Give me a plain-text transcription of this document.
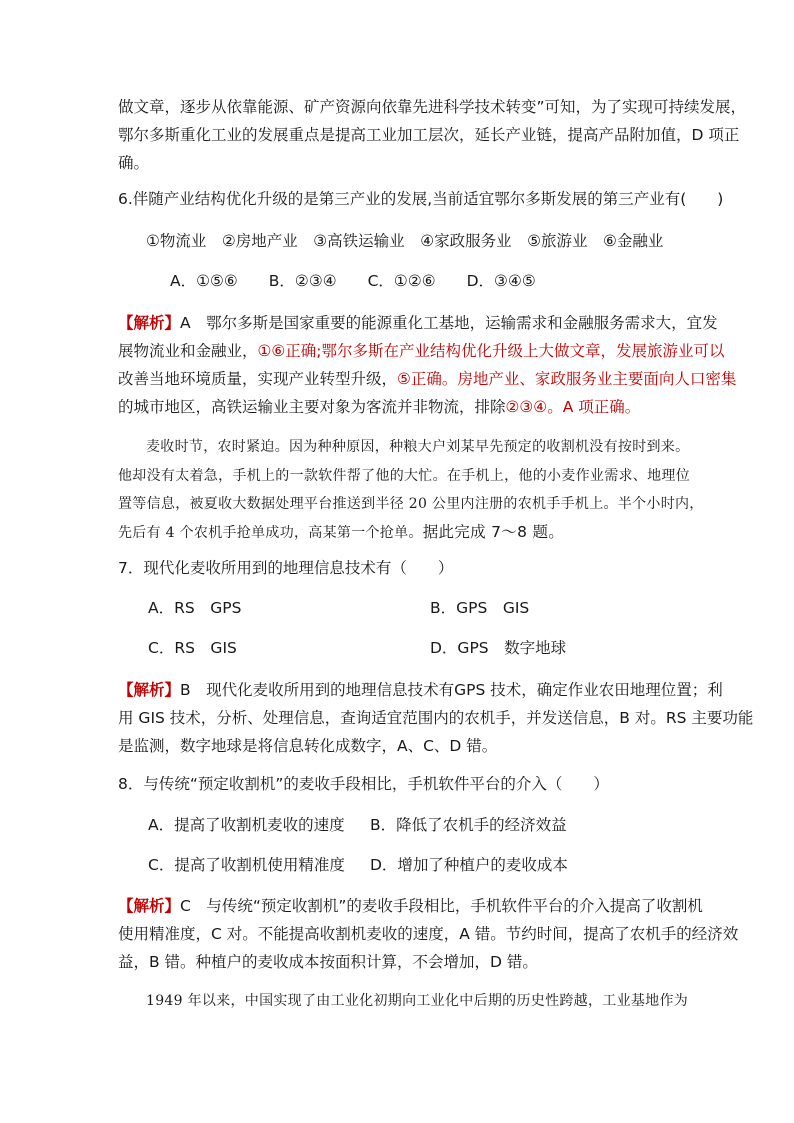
做文章，逐步从依靠能源、矿产资源向依靠先进科学技术转变”可知，为了实现可持续发展，
鄂尔多斯重化工业的发展重点是提高工业加工层次，延长产业链，提高产品附加值，D 项正
确。
6.伴随产业结构优化升级的是第三产业的发展,当前适宜鄂尔多斯发展的第三产业有(　　)
①物流业　②房地产业　③高铁运输业　④家政服务业　⑤旅游业　⑥金融业
A．①⑤⑥　　B．②③④　　C．①②⑥　　D．③④⑤
【解析】A　鄂尔多斯是国家重要的能源重化工基地，运输需求和金融服务需求大，宜发
展物流业和金融业，①⑥正确;鄂尔多斯在产业结构优化升级上大做文章，发展旅游业可以
改善当地环境质量，实现产业转型升级，⑤正确。房地产业、家政服务业主要面向人口密集
的城市地区，高铁运输业主要对象为客流并非物流，排除②③④。A 项正确。
麦收时节，农时紧迫。因为种种原因，种粮大户刘某早先预定的收割机没有按时到来。
他却没有太着急，手机上的一款软件帮了他的大忙。在手机上，他的小麦作业需求、地理位
置等信息，被夏收大数据处理平台推送到半径 20 公里内注册的农机手手机上。半个小时内，
先后有 4 个农机手抢单成功，高某第一个抢单。据此完成 7～8 题。
7．现代化麦收所用到的地理信息技术有（　　）
A．RS　GPS	B．GPS　GIS
C．RS　GIS	D．GPS　数字地球
【解析】B　现代化麦收所用到的地理信息技术有GPS 技术，确定作业农田地理位置；利
用 GIS 技术，分析、处理信息，查询适宜范围内的农机手，并发送信息，B 对。RS 主要功能
是监测，数字地球是将信息转化成数字，A、C、D 错。
8．与传统“预定收割机”的麦收手段相比，手机软件平台的介入（　　）
A．提高了收割机麦收的速度 B．降低了农机手的经济效益
C．提高了收割机使用精准度 D．增加了种植户的麦收成本
【解析】C　与传统“预定收割机”的麦收手段相比，手机软件平台的介入提高了收割机
使用精准度，C 对。不能提高收割机麦收的速度，A 错。节约时间，提高了农机手的经济效
益，B 错。种植户的麦收成本按面积计算，不会增加，D 错。
1949 年以来，中国实现了由工业化初期向工业化中后期的历史性跨越，工业基地作为
